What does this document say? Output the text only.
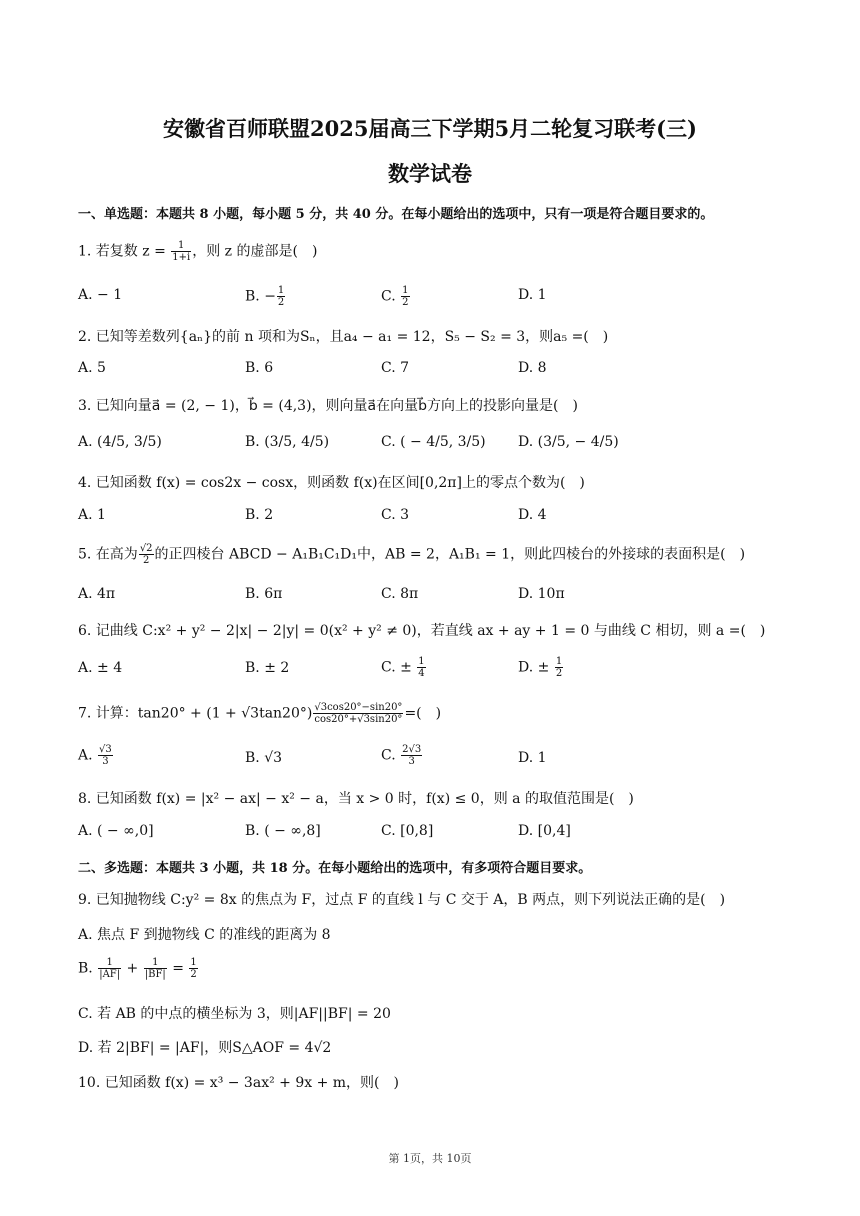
安徽省百师联盟2025届高三下学期5月二轮复习联考(三)
数学试卷
一、单选题：本题共 8 小题，每小题 5 分，共 40 分。在每小题给出的选项中，只有一项是符合题目要求的。
1. 若复数 $z = \frac{1}{1+i}$ ，则 z 的虚部是(　)
A. − 1	B. − $\frac{1}{2}$	C. $\frac{1}{2}$	D. 1
2. 已知等差数列{aₙ}的前 n 项和为Sₙ，且a₄ − a₁ = 12，S₅ − S₂ = 3，则a₅ =(　)
A. 5	B. 6	C. 7	D. 8
3. 已知向量a⃗ = (2, − 1)，b⃗ = (4,3)，则向量a⃗在向量b⃗方向上的投影向量是(　)
A. (4/5, 3/5)	B. (3/5, 4/5)	C. ( − 4/5, 3/5) D. (3/5, − 4/5)
4. 已知函数 f(x) = cos2x − cosx，则函数 f(x)在区间[0,2π]上的零点个数为(　)
A. 1	B. 2	C. 3	D. 4
5. 在高为 $\frac{√2}{2}$ 的正四棱台 ABCD − A₁B₁C₁D₁中，AB = 2，A₁B₁ = 1，则此四棱台的外接球的表面积是(　)
A. 4π	B. 6π	C. 8π	D. 10π
6. 记曲线 C:x² + y² − 2|x| − 2|y| = 0(x² + y² ≠ 0)，若直线 ax + ay + 1 = 0 与曲线 C 相切，则 a =(　)
A. ± 4	B. ± 2	C. ± $\frac{1}{4}$	D. ± $\frac{1}{2}$
7. 计算：$\tan 20^\circ + (1 + √3\tan 20^\circ) \frac{√3\cos 20^\circ-\sin 20^\circ}{\cos 20^\circ+√3\sin 20^\circ}$ =(　)
A. $\frac{√3}{3}$	B. √3	C. $\frac{2√3}{3}$	D. 1
8. 已知函数 f(x) = |x² − ax| − x² − a，当 x > 0 时，f(x) ≤ 0，则 a 的取值范围是(　)
A. ( − ∞,0]	B. ( − ∞,8]	C. [0,8]	D. [0,4]
二、多选题：本题共 3 小题，共 18 分。在每小题给出的选项中，有多项符合题目要求。
9. 已知抛物线 C:y² = 8x 的焦点为 F，过点 F 的直线 l 与 C 交于 A，B 两点，则下列说法正确的是(　)
A. 焦点 F 到抛物线 C 的准线的距离为 8
B. $\frac{1}{|AF|} + \frac{1}{|BF|} = \frac{1}{2}$
C. 若 AB 的中点的横坐标为 3，则|AF||BF| = 20
D. 若 2|BF| = |AF|，则S△AOF = 4√2
10. 已知函数 f(x) = x³ − 3ax² + 9x + m，则(　)
第 1页，共 10页
